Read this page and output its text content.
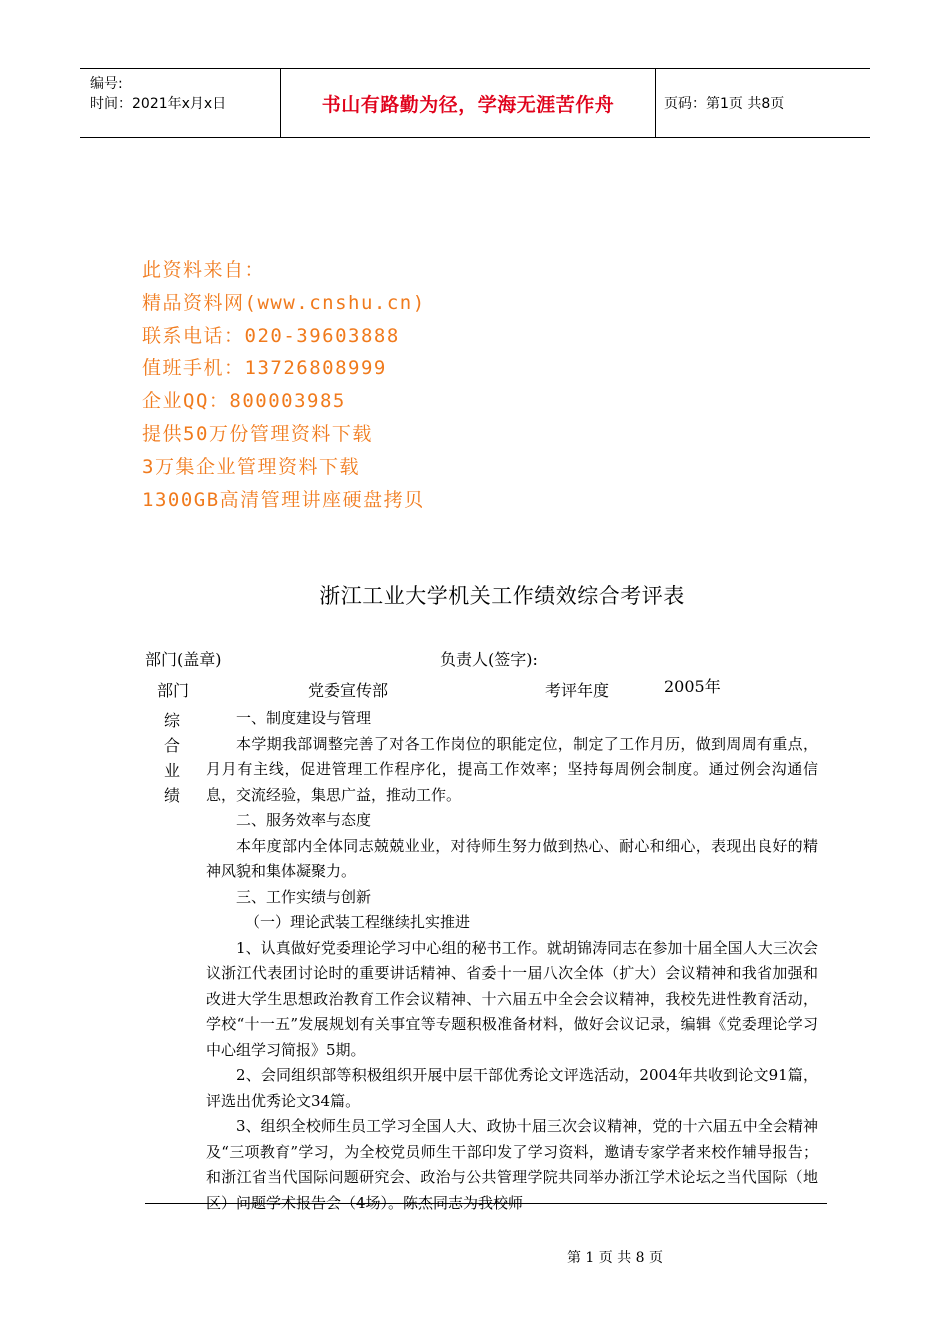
编号:
时间：2021年x月x日	书山有路勤为径，学海无涯苦作舟	页码：第1页 共8页
此资料来自：
精品资料网(www.cnshu.cn)
联系电话：020-39603888
值班手机：13726808999
企业QQ：800003985
提供50万份管理资料下载
3万集企业管理资料下载
1300GB高清管理讲座硬盘拷贝
浙江工业大学机关工作绩效综合考评表
部门(盖章)	负责人(签字):
部门	党委宣传部	考评年度	2005年
综
合
业
绩

一、制度建设与管理

本学期我部调整完善了对各工作岗位的职能定位，制定了工作月历，做到周周有重点，月月有主线，促进管理工作程序化，提高工作效率；坚持每周例会制度。通过例会沟通信息，交流经验，集思广益，推动工作。

二、服务效率与态度

本年度部内全体同志兢兢业业，对待师生努力做到热心、耐心和细心，表现出良好的精神风貌和集体凝聚力。

三、工作实绩与创新

（一）理论武装工程继续扎实推进

1、认真做好党委理论学习中心组的秘书工作。就胡锦涛同志在参加十届全国人大三次会议浙江代表团讨论时的重要讲话精神、省委十一届八次全体（扩大）会议精神和我省加强和改进大学生思想政治教育工作会议精神、十六届五中全会会议精神，我校先进性教育活动，学校“十一五”发展规划有关事宜等专题积极准备材料，做好会议记录，编辑《党委理论学习中心组学习简报》5期。

2、会同组织部等积极组织开展中层干部优秀论文评选活动，2004年共收到论文91篇，评选出优秀论文34篇。

3、组织全校师生员工学习全国人大、政协十届三次会议精神，党的十六届五中全会精神及“三项教育”学习，为全校党员师生干部印发了学习资料，邀请专家学者来校作辅导报告；和浙江省当代国际问题研究会、政治与公共管理学院共同举办浙江学术论坛之当代国际（地区）问题学术报告会（4场）。陈杰同志为我校师

第 1 页 共 8 页
